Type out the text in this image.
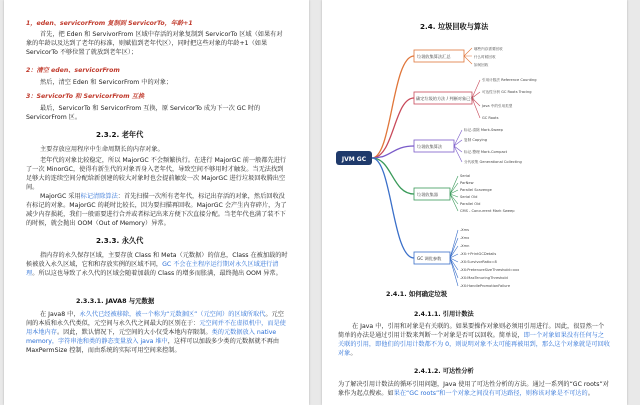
1，eden、servicorFrom 复制到 ServicorTo，年龄+1
首先，把 Eden 和 ServivorFrom 区域中存活的对象复制到 ServicorTo 区域（如果有对象的年龄以及达到了老年的标准，则赋值到老年代区），同时把这些对象的年龄+1（如果 ServicorTo 不够位置了就放到老年区）；
2：清空 eden、servicorFrom
然后，清空 Eden 和 ServicorFrom 中的对象；
3：ServicorTo 和 ServicorFrom 互换
最后，ServicorTo 和 ServicorFrom 互换，原 ServicorTo 成为下一次 GC 时的 ServicorFrom 区。
2.3.2. 老年代
主要存放应用程序中生命周期长的内存对象。
老年代的对象比较稳定，所以 MajorGC 不会频繁执行。在进行 MajorGC 前一般都先进行了一次 MinorGC，使得有新生代的对象晋身入老年代，导致空间不够用时才触发。当无法找到足够大的连续空间分配给新创建的较大对象时也会提前触发一次 MajorGC 进行垃圾回收腾出空间。
MajorGC 采用标记清除算法：首先扫描一次所有老年代，标记出存活的对象，然后回收没有标记的对象。MajorGC 的耗时比较长，因为要扫描再回收。MajorGC 会产生内存碎片，为了减少内存损耗，我们一般需要进行合并或者标记出来方便下次直接分配。当老年代也满了装不下的时候，就会抛出 OOM（Out of Memory）异常。
2.3.3. 永久代
指内存的永久保存区域，主要存放 Class 和 Meta（元数据）的信息，Class 在被加载的时候被放入永久区域，它和和存放实例的区域不同，GC 不会在主程序运行期对永久区域进行清理。所以这也导致了永久代的区域会随着加载的 Class 的增多而胀满，最终抛出 OOM 异常。
2.3.3.1. JAVA8 与元数据
在 Java8 中，永久代已经被移除，被一个称为“元数据区”（元空间）的区域所取代。元空间的本质和永久代类似，元空间与永久代之间最大的区别在于：元空间并不在虚拟机中，而是使用本地内存。因此，默认情况下，元空间的大小仅受本地内存限制。类的元数据放入 native memory，字符串池和类的静态变量放入 java 堆中，这样可以加载多少类的元数据就不再由MaxPermSize 控制，而由系统的实际可用空间来控制。
2.4. 垃圾回收与算法
JVM GC
垃圾收集算法汇总
哪些内存需要回收
什么时候回收
如何回收
确定垃圾的方法 / 判断对象已死
引用计数法 Reference Counting
可达性分析 GC Roots Tracing
Java 中的引用类型
GC Roots
垃圾收集算法
标记-清除 Mark-Sweep
复制 Copying
标记-整理 Mark-Compact
分代收集 Generational Collecting
垃圾收集器
Serial
ParNew
Parallel Scavenge
Serial Old
Parallel Old
CMS - Concurrent Mark Sweep
GC 调优参数
-Xms
-Xmx
-Xmn
-XX:+PrintGCDetails
-XX:SurvivorRatio=8
-XX:PretenureSizeThreshold=xxx
-XX:MaxTenuringThreshold
-XX:HandlePromotionFailure
2.4.1. 如何确定垃圾
2.4.1.1. 引用计数法
在 Java 中，引用和对象是有关联的。如果要操作对象则必须用引用进行。因此，很显然一个简单的办法是通过引用计数来判断一个对象是否可以回收。简单说，即一个对象如果没有任何与之关联的引用，即他们的引用计数都不为 0，则说明对象不太可能再被用到，那么这个对象就是可回收对象。
2.4.1.2. 可达性分析
为了解决引用计数法的循环引用问题，Java 使用了可达性分析的方法。通过一系列的“GC roots”对象作为起点搜索。如果在“GC roots”和一个对象之间没有可达路径，则称该对象是不可达的。
